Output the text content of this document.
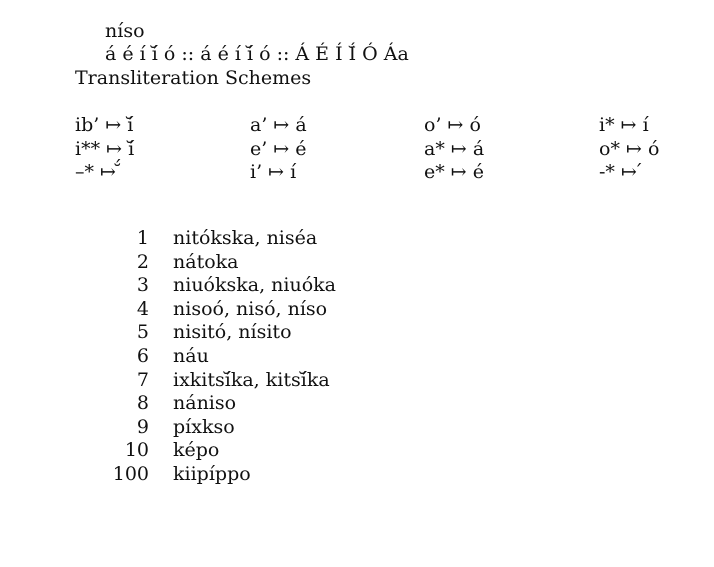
níso
á é í í̆ ó :: á é í í̆ ó :: Á É Í Í̆ Ó Áa
Transliteration Schemes
ib’ ↦ í̆	a’ ↦ á	o’ ↦ ó	i* ↦ í
i** ↦ í̆	e’ ↦ é	a* ↦ á	o* ↦ ó
–* ↦ ̆́	i’ ↦ í	e* ↦ é	-* ↦ ́
1 nitókska, niséa
2 nátoka
3 niuókska, niuóka
4 nisoó, nisó, níso
5 nisitó, nísito
6 náu
7 ixkitsí̆ka, kitsí̆ka
8 nániso
9 píxkso
10 képo
100 kiipíppo
